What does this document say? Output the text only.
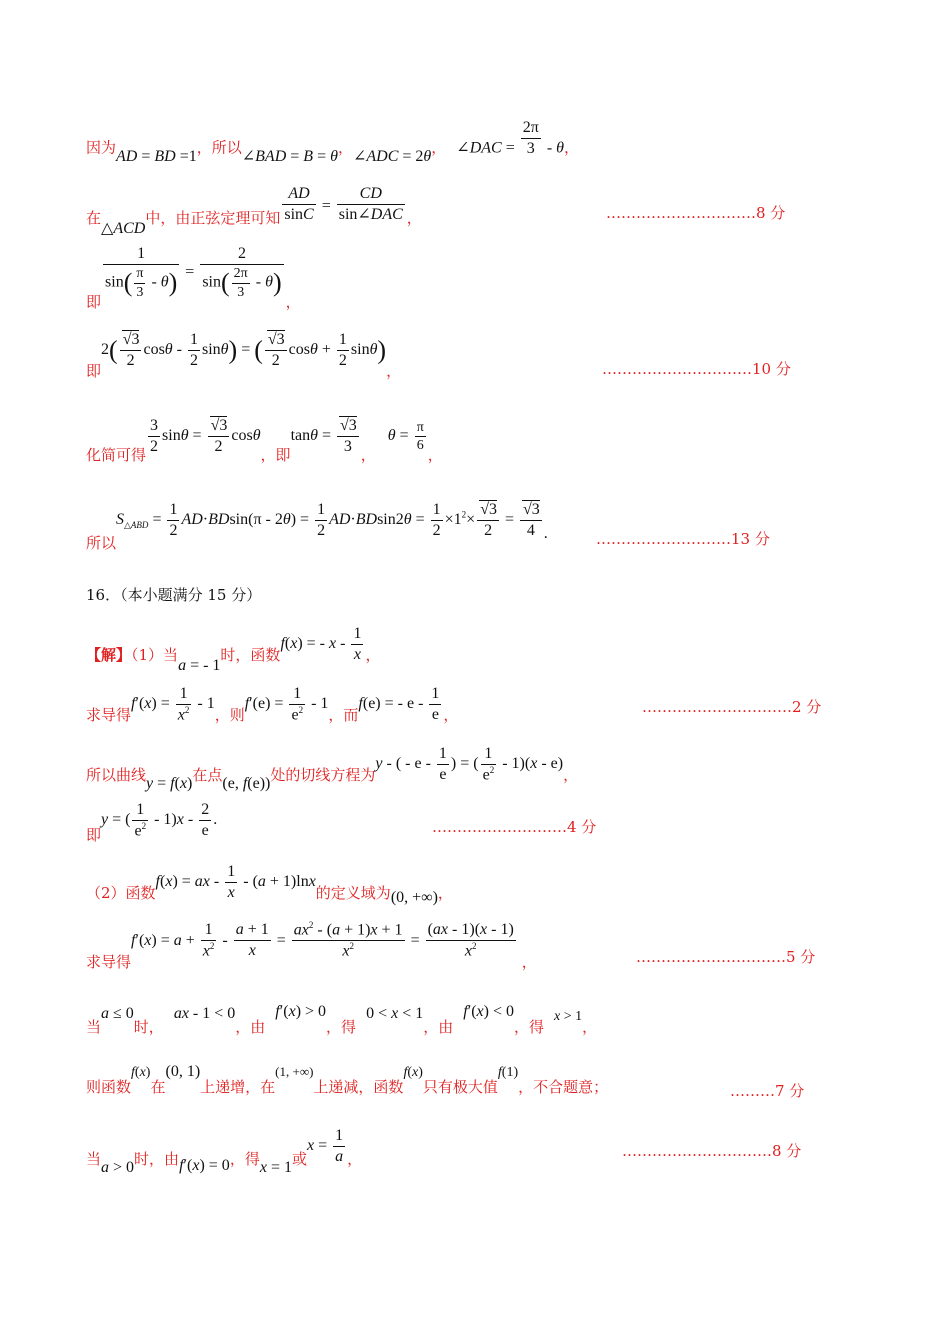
因为AD = BD =1，所以∠BAD = B = θ，∠ADC = 2θ， ∠DAC = $\frac{2\pi}{3}$ - θ，
在△ACD中，由正弦定理可知 $\frac{AD}{\sin C} = \frac{CD}{\text{sin∠DAC}}$ ，	…………………………8 分
即
$\frac{1}{\sin( \frac{\pi}{3} - \theta)} = \frac{2}{\sin( \frac{2\pi}{3} - \theta)}$
，
即$2( \frac{√3}{2}$ cosθ - $\frac{1}{2} \sin\theta$) = ( $\frac{√3}{2}$ $\cos\theta + \frac{1}{2} \sin\theta$)，	…………………………10 分
化简可得 $\frac{3}{2}$ $\sin\theta = \frac{√3}{2}$ cosθ，即$\tan\theta = \frac{√3}{3}$ ，$\theta = \frac{\pi}{6}$
，
所以$S_{\triangle ABD} = \frac{1}{2} AD\cdot BDsin(\pi - 2\theta) = \frac{1}{2} AD\cdot BDsin2\theta = \frac{1}{2} \times 1^2\times \frac{√3}{2} = \frac{√3}{4}$ .	………………………13 分
16．（本小题满分 15 分）
【解】（1）当a = - 1时，函数f(x) = - x - $\frac{1}{x}$ ，
求导得$f'(x) = \frac{1}{x^2} - 1$，则$f'(e) = \frac{1}{e^2} - 1$，而f(e) = - e - $\frac{1}{e}$ ，	…………………………2 分
所以曲线y = f(x)在点(e, f(e))处的切线方程为y - ( - e - $\frac{1}{e}$ ) = ( $\frac{1}{e^2} - 1)(x - e)$，
即y = ( $\frac{1}{e^2} - 1)x - \frac{2}{e}$ .	………………………4 分
（2）函数f(x) = ax - $\frac{1}{x} - (a + 1)\ln x$的定义域为(0, +∞)，
求导得$f'(x) = a + \frac{1}{x^2} - \frac{a + 1}{x} = \frac{ax^2 - (a + 1)x + 1}{x^2} = \frac{(ax - 1)(x - 1)}{x^2}$
，	…………………………5 分
当a ≤ 0时，ax - 1 < 0，由f′(x) > 0，得0 < x < 1，由f′(x) < 0，得x > 1，
则函数f(x)在(0, 1)上递增，在(1, +∞)上递减，函数f(x)只有极大值f(1)，不合题意；	………7 分
当a > 0时，由f′(x) = 0，得x = 1或$x = \frac{1}{a}$ ，	…………………………8 分
